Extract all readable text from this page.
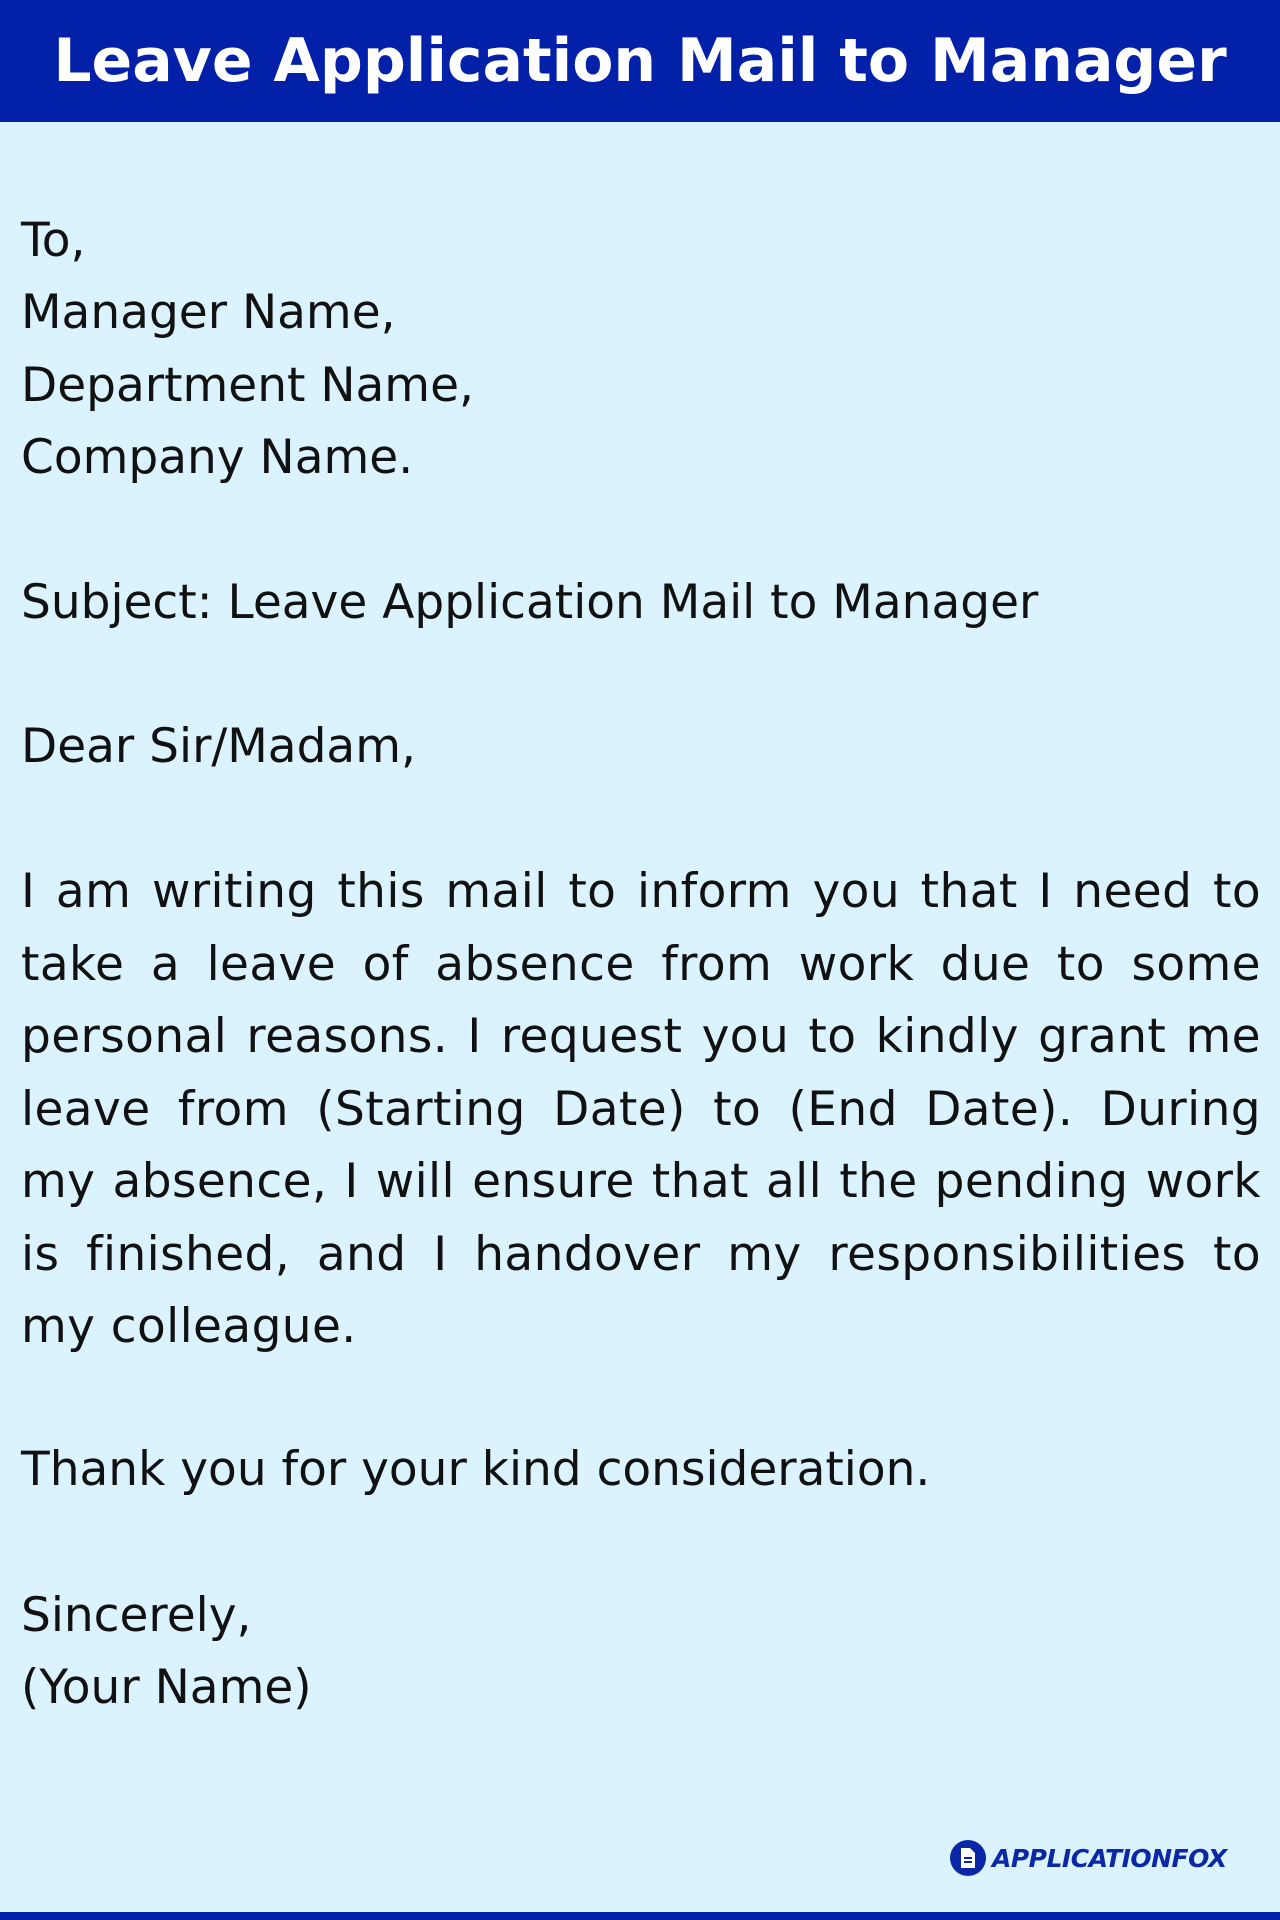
Leave Application Mail to Manager
To,
Manager Name,
Department Name,
Company Name.
Subject: Leave Application Mail to Manager
Dear Sir/Madam,
I am writing this mail to inform you that I need to take a leave of absence from work due to some personal reasons. I request you to kindly grant me leave from (Starting Date) to (End Date). During my absence, I will ensure that all the pending work is finished, and I handover my responsibilities to my colleague.
Thank you for your kind consideration.
Sincerely,
(Your Name)
APPLICATIONFOX
